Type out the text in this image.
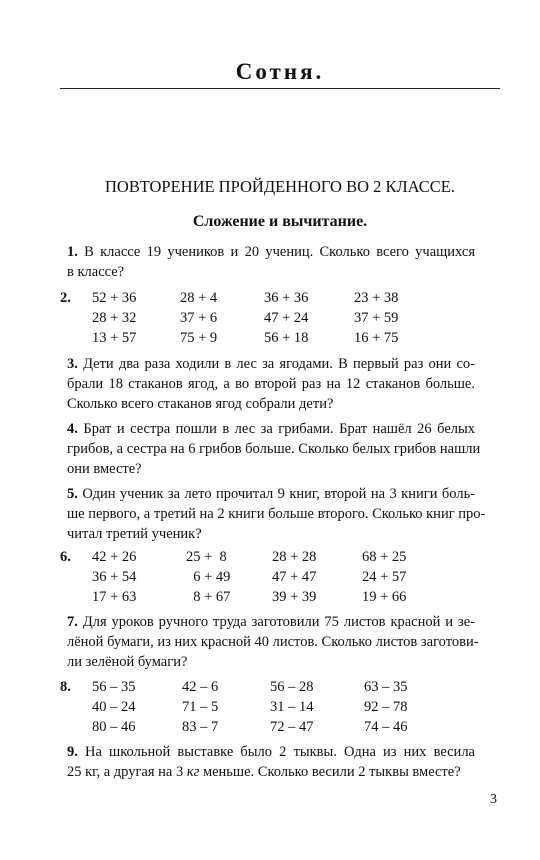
Сотня.
ПОВТОРЕНИЕ ПРОЙДЕННОГО ВО 2 КЛАССЕ.
Сложение и вычитание.
1. В классе 19 учеников и 20 учениц. Сколько всего учащихся
в классе?
2. 52 + 36	28 + 4	36 + 36	23 + 38
28 + 32	37 + 6	47 + 24	37 + 59
13 + 57	75 + 9	56 + 18	16 + 75
3. Дети два раза ходили в лес за ягодами. В первый раз они со-
брали 18 стаканов ягод, а во второй раз на 12 стаканов больше.
Сколько всего стаканов ягод собрали дети?
4. Брат и сестра пошли в лес за грибами. Брат нашёл 26 белых
грибов, а сестра на 6 грибов больше. Сколько белых грибов нашли
они вместе?
5. Один ученик за лето прочитал 9 книг, второй на 3 книги боль-
ше первого, а третий на 2 книги больше второго. Сколько книг про-
читал третий ученик?
6. 42 + 26	25 +  8	28 + 28	68 + 25
36 + 54	6 + 49	47 + 47	24 + 57
17 + 63	8 + 67	39 + 39	19 + 66
7. Для уроков ручного труда заготовили 75 листов красной и зе-
лёной бумаги, из них красной 40 листов. Сколько листов заготови-
ли зелёной бумаги?
8. 56 – 35	42 – 6	56 – 28	63 – 35
40 – 24	71 – 5	31 – 14	92 – 78
80 – 46	83 – 7	72 – 47	74 – 46
9. На школьной выставке было 2 тыквы. Одна из них весила
25 кг, а другая на 3 кг меньше. Сколько весили 2 тыквы вместе?
3
